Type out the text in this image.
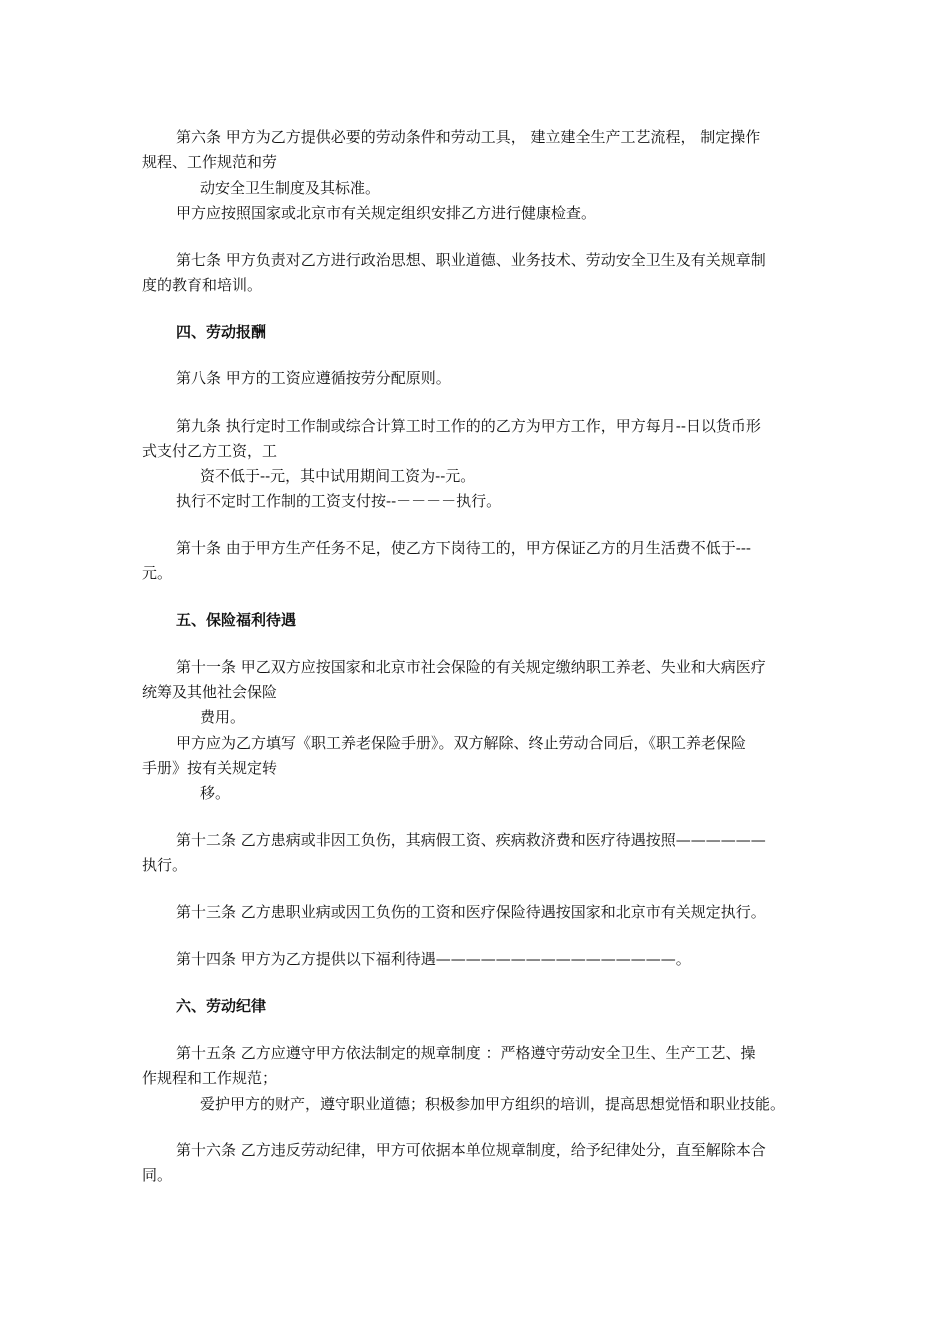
第六条 甲方为乙方提供必要的劳动条件和劳动工具， 建立建全生产工艺流程， 制定操作
规程、工作规范和劳
动安全卫生制度及其标准。
甲方应按照国家或北京市有关规定组织安排乙方进行健康检查。
第七条 甲方负责对乙方进行政治思想、职业道德、业务技术、劳动安全卫生及有关规章制
度的教育和培训。
四、劳动报酬
第八条 甲方的工资应遵循按劳分配原则。
第九条 执行定时工作制或综合计算工时工作的的乙方为甲方工作，甲方每月--日以货币形
式支付乙方工资，工
资不低于--元，其中试用期间工资为--元。
执行不定时工作制的工资支付按--－－－－执行。
第十条 由于甲方生产任务不足，使乙方下岗待工的，甲方保证乙方的月生活费不低于---
元。
五、保险福利待遇
第十一条 甲乙双方应按国家和北京市社会保险的有关规定缴纳职工养老、失业和大病医疗
统筹及其他社会保险
费用。
甲方应为乙方填写《职工养老保险手册》。双方解除、终止劳动合同后，《职工养老保险
手册》按有关规定转
移。
第十二条 乙方患病或非因工负伤，其病假工资、疾病救济费和医疗待遇按照——————
执行。
第十三条 乙方患职业病或因工负伤的工资和医疗保险待遇按国家和北京市有关规定执行。
第十四条 甲方为乙方提供以下福利待遇————————————————。
六、劳动纪律
第十五条 乙方应遵守甲方依法制定的规章制度 ：严格遵守劳动安全卫生、生产工艺、操
作规程和工作规范；
爱护甲方的财产，遵守职业道德；积极参加甲方组织的培训，提高思想觉悟和职业技能。
第十六条 乙方违反劳动纪律，甲方可依据本单位规章制度，给予纪律处分，直至解除本合
同。
